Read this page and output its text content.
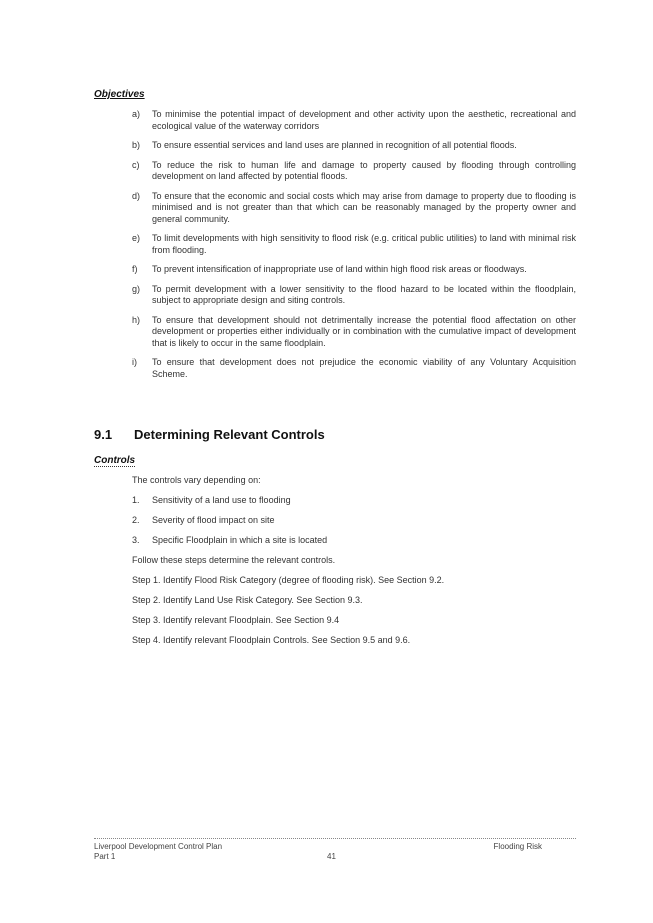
Objectives
a)	To minimise the potential impact of development and other activity upon the aesthetic, recreational and ecological value of the waterway corridors
b)	To ensure essential services and land uses are planned in recognition of all potential floods.
c)	To reduce the risk to human life and damage to property caused by flooding through controlling development on land affected by potential floods.
d)	To ensure that the economic and social costs which may arise from damage to property due to flooding is minimised and is not greater than that which can be reasonably managed by the property owner and general community.
e)	To limit developments with high sensitivity to flood risk (e.g. critical public utilities) to land with minimal risk from flooding.
f)	To prevent intensification of inappropriate use of land within high flood risk areas or floodways.
g)	To permit development with a lower sensitivity to the flood hazard to be located within the floodplain, subject to appropriate design and siting controls.
h)	To ensure that development should not detrimentally increase the potential flood affectation on other development or properties either individually or in combination with the cumulative impact of development that is likely to occur in the same floodplain.
i)	To ensure that development does not prejudice the economic viability of any Voluntary Acquisition Scheme.
9.1 Determining Relevant Controls
Controls
The controls vary depending on:
1.	Sensitivity of a land use to flooding
2.	Severity of flood impact on site
3.	Specific Floodplain in which a site is located
Follow these steps determine the relevant controls.
Step 1. Identify Flood Risk Category (degree of flooding risk). See Section 9.2.
Step 2. Identify Land Use Risk Category. See Section 9.3.
Step 3. Identify relevant Floodplain. See Section 9.4
Step 4. Identify relevant Floodplain Controls. See Section 9.5 and 9.6.
Liverpool Development Control Plan	Flooding Risk
Part 1	41
